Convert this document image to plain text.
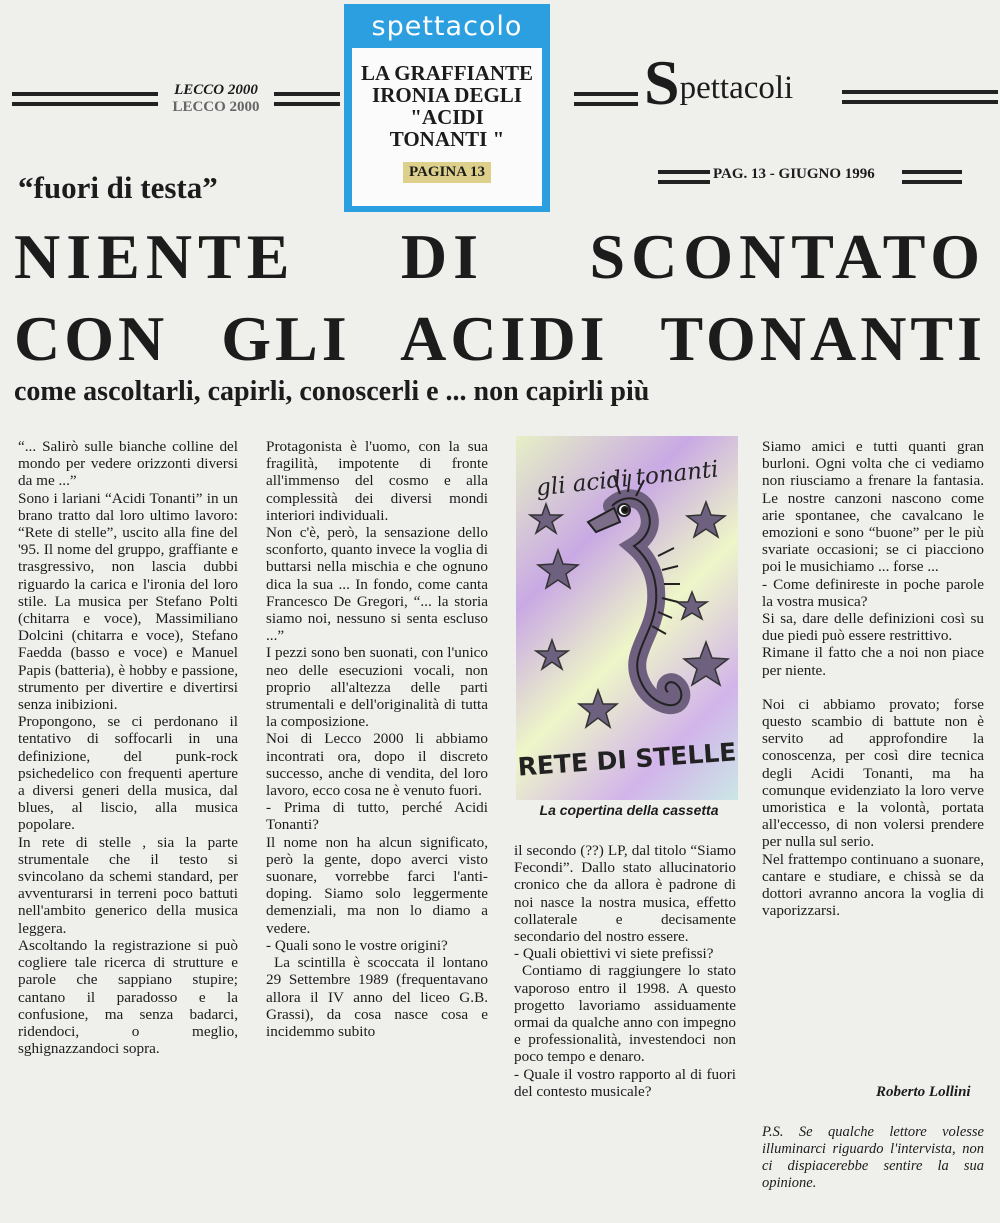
LECCO 2000
LECCO 2000
spettacolo
LA GRAFFIANTE
IRONIA DEGLI
"ACIDI
TONANTI "
PAGINA 13
Spettacoli
PAG. 13 - GIUGNO 1996
“fuori di testa”
NIENTE DI SCONTATO
CON GLI ACIDI TONANTI
come ascoltarli, capirli, conoscerli e ... non capirli più

“... Salirò sulle bianche colline del mondo per vedere orizzonti diversi da me ...”

Sono i lariani “Acidi Tonanti” in un brano tratto dal loro ultimo lavoro: “Rete di stelle”, uscito alla fine del '95. Il nome del gruppo, graffiante e trasgressivo, non lascia dubbi riguardo la carica e l'ironia del loro stile. La musica per Stefano Polti (chitarra e voce), Massimiliano Dolcini (chitarra e voce), Stefano Faedda (basso e voce) e Manuel Papis (batteria), è hobby e passione, strumento per divertire e divertirsi senza inibizioni.

Propongono, se ci perdonano il tentativo di soffocarli in una definizione, del punk-rock psichedelico con frequenti aperture a diversi generi della musica, dal blues, al liscio, alla musica popolare.

In rete di stelle , sia la parte strumentale che il testo si svincolano da schemi standard, per avventurarsi in terreni poco battuti nell'ambito generico della musica leggera.

Ascoltando la registrazione si può cogliere tale ricerca di strutture e parole che sappiano stupire; cantano il paradosso e la confusione, ma senza badarci, ridendoci, o meglio, sghignazzandoci sopra.

Protagonista è l'uomo, con la sua fragilità, impotente di fronte all'immenso del cosmo e alla complessità dei diversi mondi interiori individuali.

Non c'è, però, la sensazione dello sconforto, quanto invece la voglia di buttarsi nella mischia e che ognuno dica la sua ... In fondo, come canta Francesco De Gregori, “... la storia siamo noi, nessuno si senta escluso ...”

I pezzi sono ben suonati, con l'unico neo delle esecuzioni vocali, non proprio all'altezza delle parti strumentali e dell'originalità di tutta la composizione.

Noi di Lecco 2000 li abbiamo incontrati ora, dopo il discreto successo, anche di vendita, del loro lavoro, ecco cosa ne è venuto fuori.

- Prima di tutto, perché Acidi Tonanti?

Il nome non ha alcun significato, però la gente, dopo averci visto suonare, vorrebbe farci l'anti-doping. Siamo solo leggermente demenziali, ma non lo diamo a vedere.

- Quali sono le vostre origini?

La scintilla è scoccata il lontano 29 Settembre 1989 (frequentavano allora il IV anno del liceo G.B. Grassi), da cosa nasce cosa e incidemmo subito

gli acidi tonanti
RETE DI STELLE
La copertina della cassetta

il secondo (??) LP, dal titolo “Siamo Fecondi”. Dallo stato allucinatorio cronico che da allora è padrone di noi nasce la nostra musica, effetto collaterale e decisamente secondario del nostro essere.

- Quali obiettivi vi siete prefissi?

Contiamo di raggiungere lo stato vaporoso entro il 1998. A questo progetto lavoriamo assiduamente ormai da qualche anno con impegno e professionalità, investendoci non poco tempo e denaro.

- Quale il vostro rapporto al di fuori del contesto musicale?

Siamo amici e tutti quanti gran burloni. Ogni volta che ci vediamo non riusciamo a frenare la fantasia. Le nostre canzoni nascono come arie spontanee, che cavalcano le emozioni e sono “buone” per le più svariate occasioni; se ci piacciono poi le musichiamo ... forse ...

- Come definireste in poche parole la vostra musica?

Si sa, dare delle definizioni così su due piedi può essere restrittivo.

Rimane il fatto che a noi non piace per niente.

Noi ci abbiamo provato; forse questo scambio di battute non è servito ad approfondire la conoscenza, per così dire tecnica degli Acidi Tonanti, ma ha comunque evidenziato la loro verve umoristica e la volontà, portata all'eccesso, di non volersi prendere per nulla sul serio.

Nel frattempo continuano a suonare, cantare e studiare, e chissà se da dottori avranno ancora la voglia di vaporizzarsi.

Roberto Lollini
P.S. Se qualche lettore volesse illuminarci riguardo l'intervista, non ci dispiacerebbe sentire la sua opinione.
